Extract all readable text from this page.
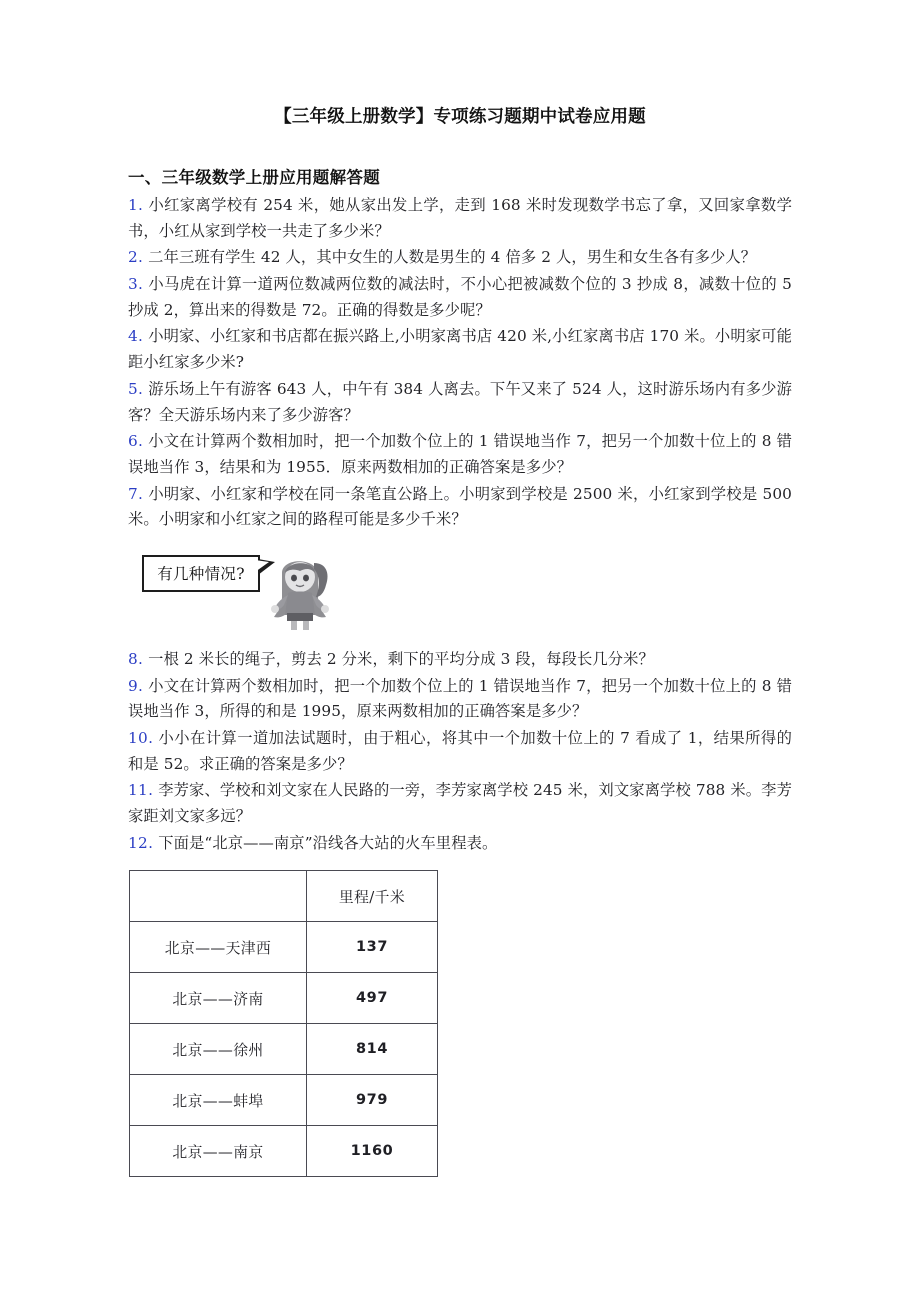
【三年级上册数学】专项练习题期中试卷应用题
一、三年级数学上册应用题解答题

1. 小红家离学校有 254 米，她从家出发上学，走到 168 米时发现数学书忘了拿，又回家拿数学书，小红从家到学校一共走了多少米？

2. 二年三班有学生 42 人，其中女生的人数是男生的 4 倍多 2 人，男生和女生各有多少人？

3. 小马虎在计算一道两位数减两位数的减法时，不小心把被减数个位的 3 抄成 8，减数十位的 5 抄成 2，算出来的得数是 72。正确的得数是多少呢？

4. 小明家、小红家和书店都在振兴路上,小明家离书店 420 米,小红家离书店 170 米。小明家可能距小红家多少米?

5. 游乐场上午有游客 643 人，中午有 384 人离去。下午又来了 524 人，这时游乐场内有多少游客？全天游乐场内来了多少游客？

6. 小文在计算两个数相加时，把一个加数个位上的 1 错误地当作 7，把另一个加数十位上的 8 错误地当作 3，结果和为 1955．原来两数相加的正确答案是多少？

7. 小明家、小红家和学校在同一条笔直公路上。小明家到学校是 2500 米，小红家到学校是 500 米。小明家和小红家之间的路程可能是多少千米？

有几种情况?

8. 一根 2 米长的绳子，剪去 2 分米，剩下的平均分成 3 段，每段长几分米？

9. 小文在计算两个数相加时，把一个加数个位上的 1 错误地当作 7，把另一个加数十位上的 8 错误地当作 3，所得的和是 1995，原来两数相加的正确答案是多少？

10. 小小在计算一道加法试题时，由于粗心，将其中一个加数十位上的 7 看成了 1，结果所得的和是 52。求正确的答案是多少？

11. 李芳家、学校和刘文家在人民路的一旁，李芳家离学校 245 米，刘文家离学校 788 米。李芳家距刘文家多远？

12. 下面是“北京——南京”沿线各大站的火车里程表。

	里程/千米
北京——天津西	137
北京——济南	497
北京——徐州	814
北京——蚌埠	979
北京——南京	1160
